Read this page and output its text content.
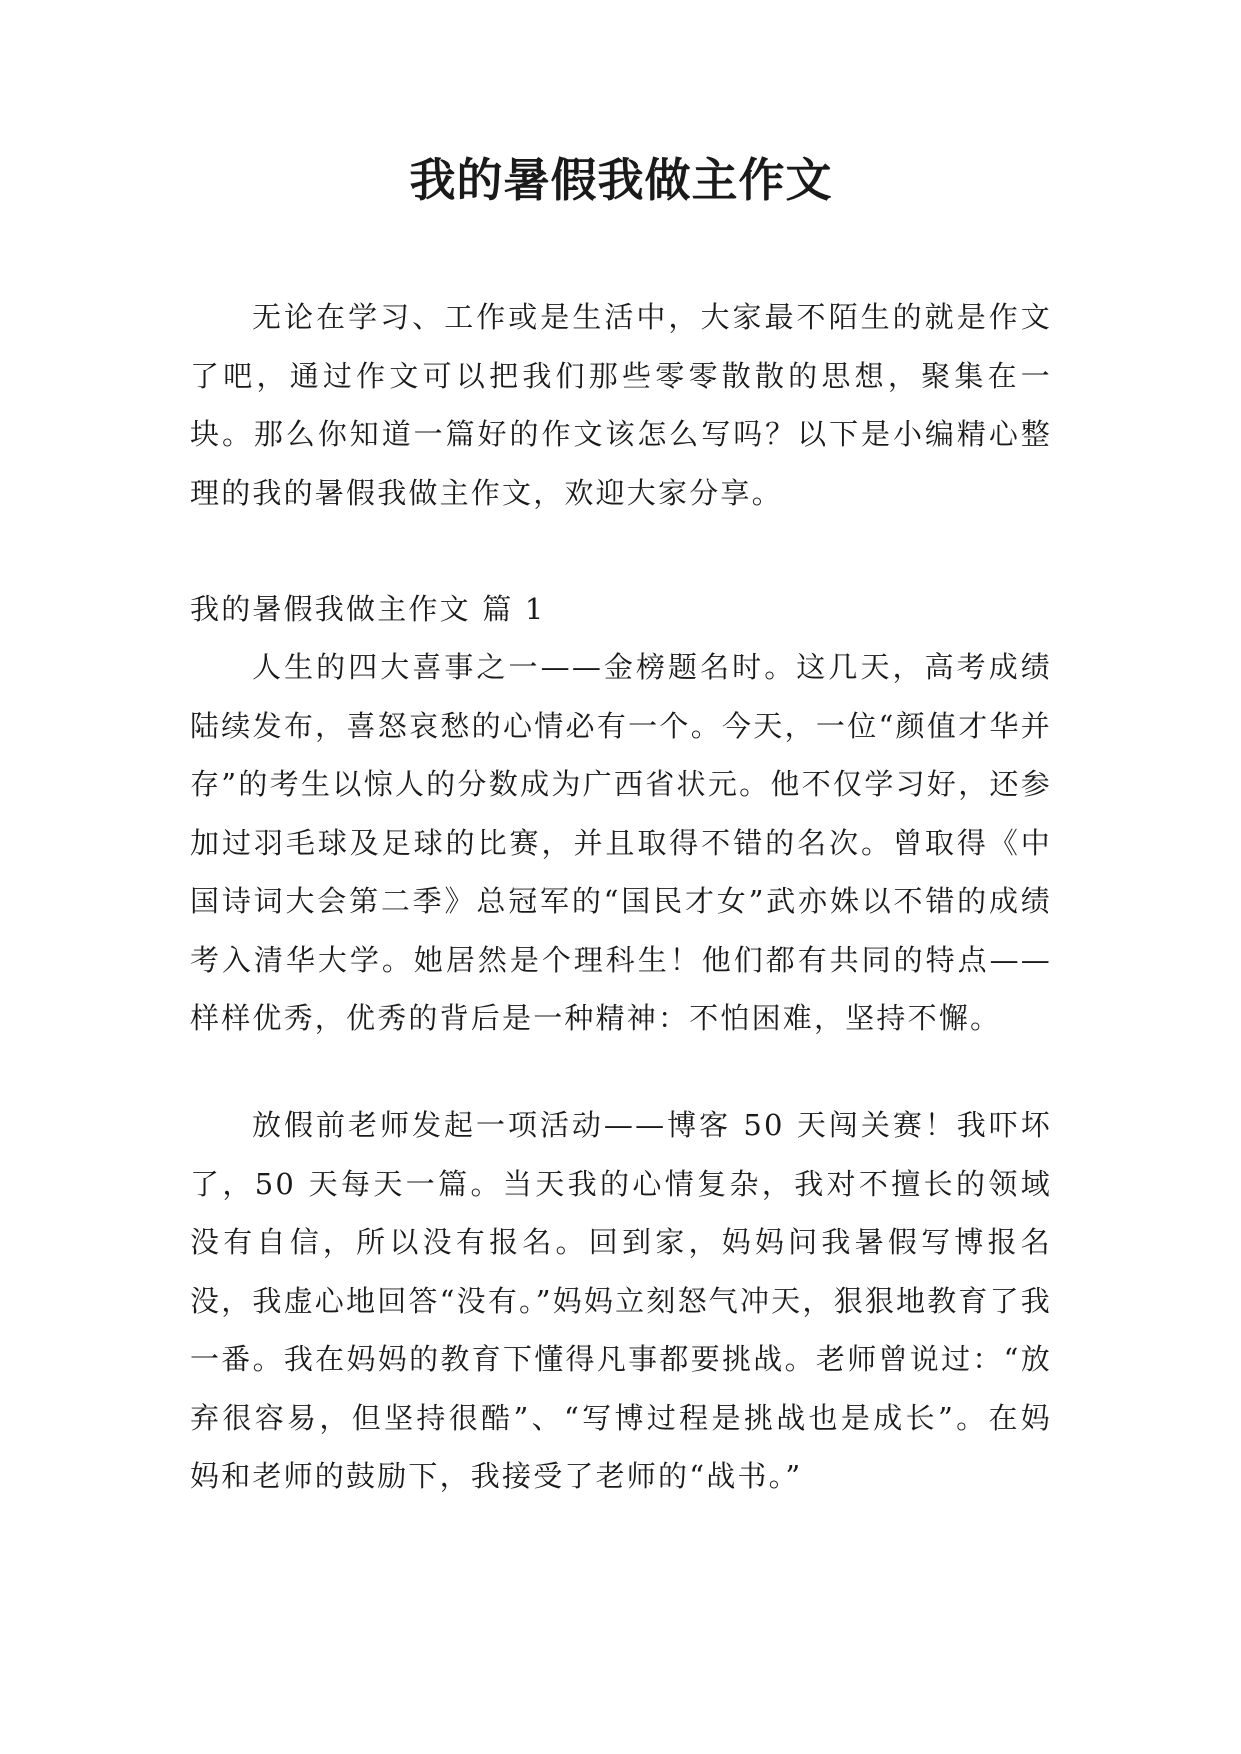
我的暑假我做主作文

无论在学习、工作或是生活中，大家最不陌生的就是作文了吧，通过作文可以把我们那些零零散散的思想，聚集在一块。那么你知道一篇好的作文该怎么写吗？以下是小编精心整理的我的暑假我做主作文，欢迎大家分享。

我的暑假我做主作文 篇 1

人生的四大喜事之一——金榜题名时。这几天，高考成绩陆续发布，喜怒哀愁的心情必有一个。今天，一位“颜值才华并存”的考生以惊人的分数成为广西省状元。他不仅学习好，还参加过羽毛球及足球的比赛，并且取得不错的名次。曾取得《中国诗词大会第二季》总冠军的“国民才女”武亦姝以不错的成绩考入清华大学。她居然是个理科生！他们都有共同的特点——样样优秀，优秀的背后是一种精神：不怕困难，坚持不懈。

放假前老师发起一项活动——博客 50 天闯关赛！我吓坏了，50 天每天一篇。当天我的心情复杂，我对不擅长的领域没有自信，所以没有报名。回到家，妈妈问我暑假写博报名没，我虚心地回答“没有。”妈妈立刻怒气冲天，狠狠地教育了我一番。我在妈妈的教育下懂得凡事都要挑战。老师曾说过：“放弃很容易，但坚持很酷”、“写博过程是挑战也是成长”。在妈妈和老师的鼓励下，我接受了老师的“战书。”
